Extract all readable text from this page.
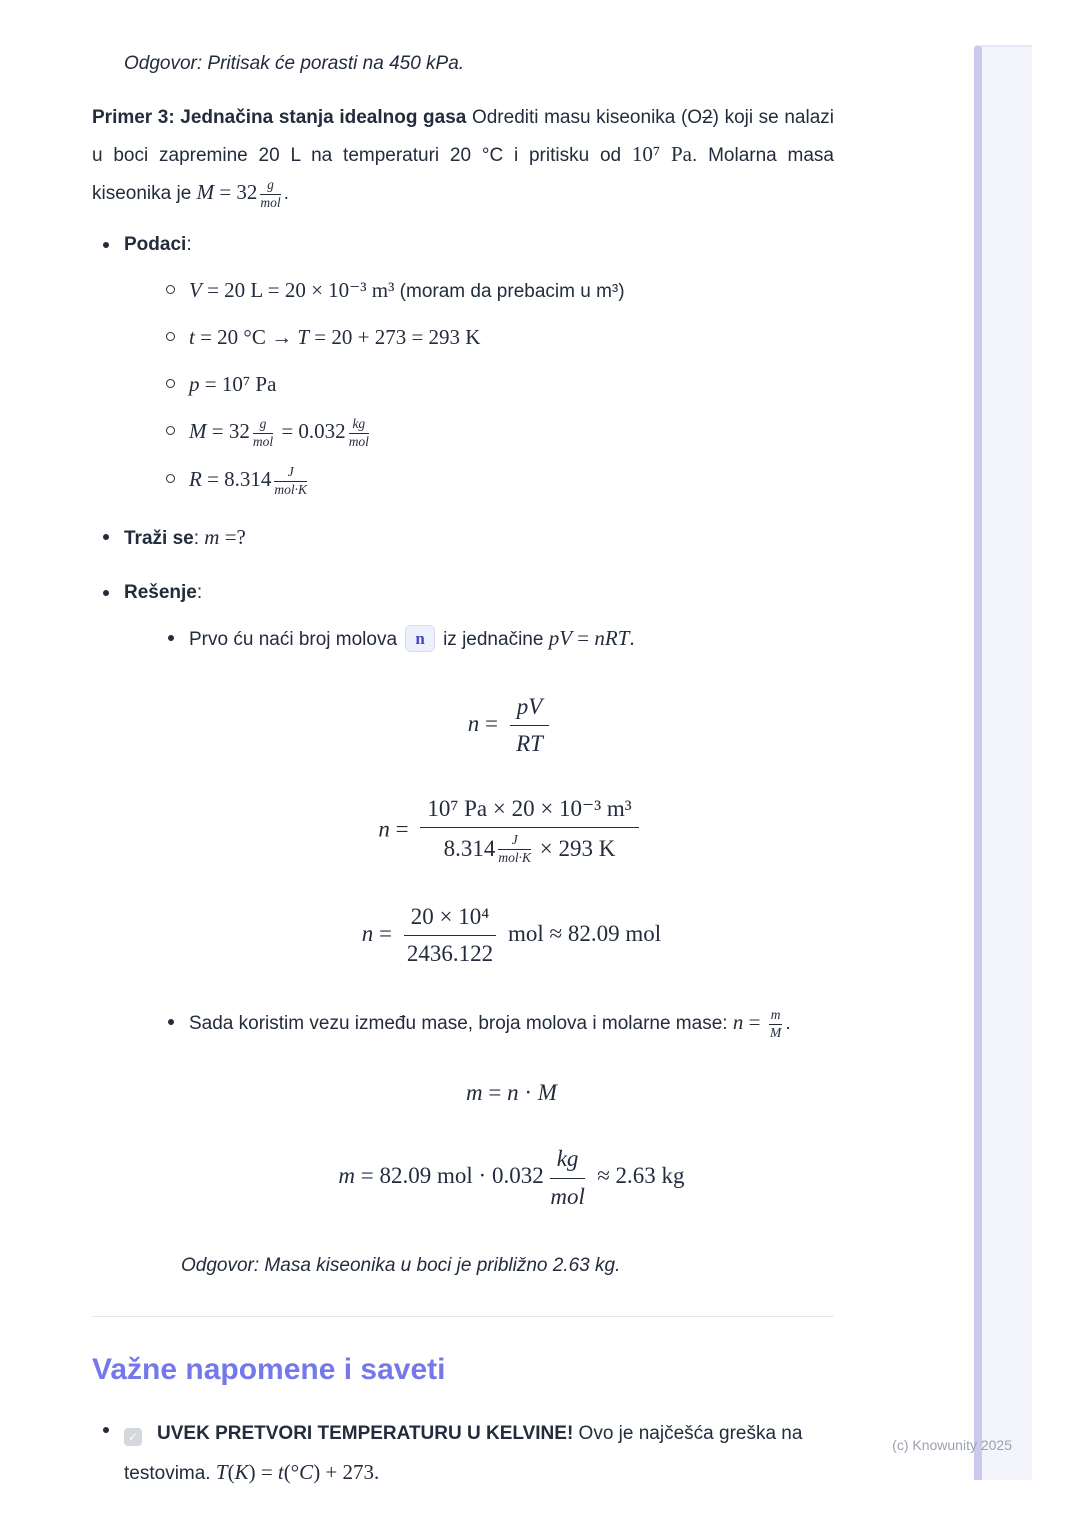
Odgovor: Pritisak će porasti na 450 kPa.

Primer 3: Jednačina stanja idealnog gasa Odrediti masu kiseonika (O2) koji se nalazi u boci zapremine 20 L na temperaturi 20 °C i pritisku od 10⁷ Pa. Molarna masa kiseonika je $M = 32 \frac{g}{\text{mol}}$ .

Podaci:
V = 20 L = 20 × 10⁻³ m³ (moram da prebacim u m³)
t = 20 °C → T = 20 + 273 = 293 K
p = 10⁷ Pa
$M = 32 \frac{g}{\text{mol}} = 0.032 \frac{kg}{\text{mol}}$
$R = 8.314 \frac{J}{\text{mol·K}}$
Traži se: m =?
Rešenje:
Prvo ću naći broj molova n iz jednačine pV = nRT.
$n = \frac{pV}{RT}$
$n = \frac{\text{10⁷ Pa × 20 × 10⁻³ m³}}{8.314 \frac{J}{\text{mol·K}} \times 293 K}$
$n = \frac{\text{20 × 10⁴}}{2436.122}$ mol ≈ 82.09 mol
Sada koristim vezu između mase, broja molova i molarne mase: $n = \frac{m}{M}$ .
m = n · M
m = 82.09 mol · $0.032 \frac{kg}{\text{mol}} \approx 2.63$ kg

Odgovor: Masa kiseonika u boci je približno 2.63 kg.

Važne napomene i saveti
✓ UVEK PRETVORI TEMPERATURU U KELVINE! Ovo je najčešća greška na testovima. T(K) = t(°C) + 273.
(c) Knowunity 2025
